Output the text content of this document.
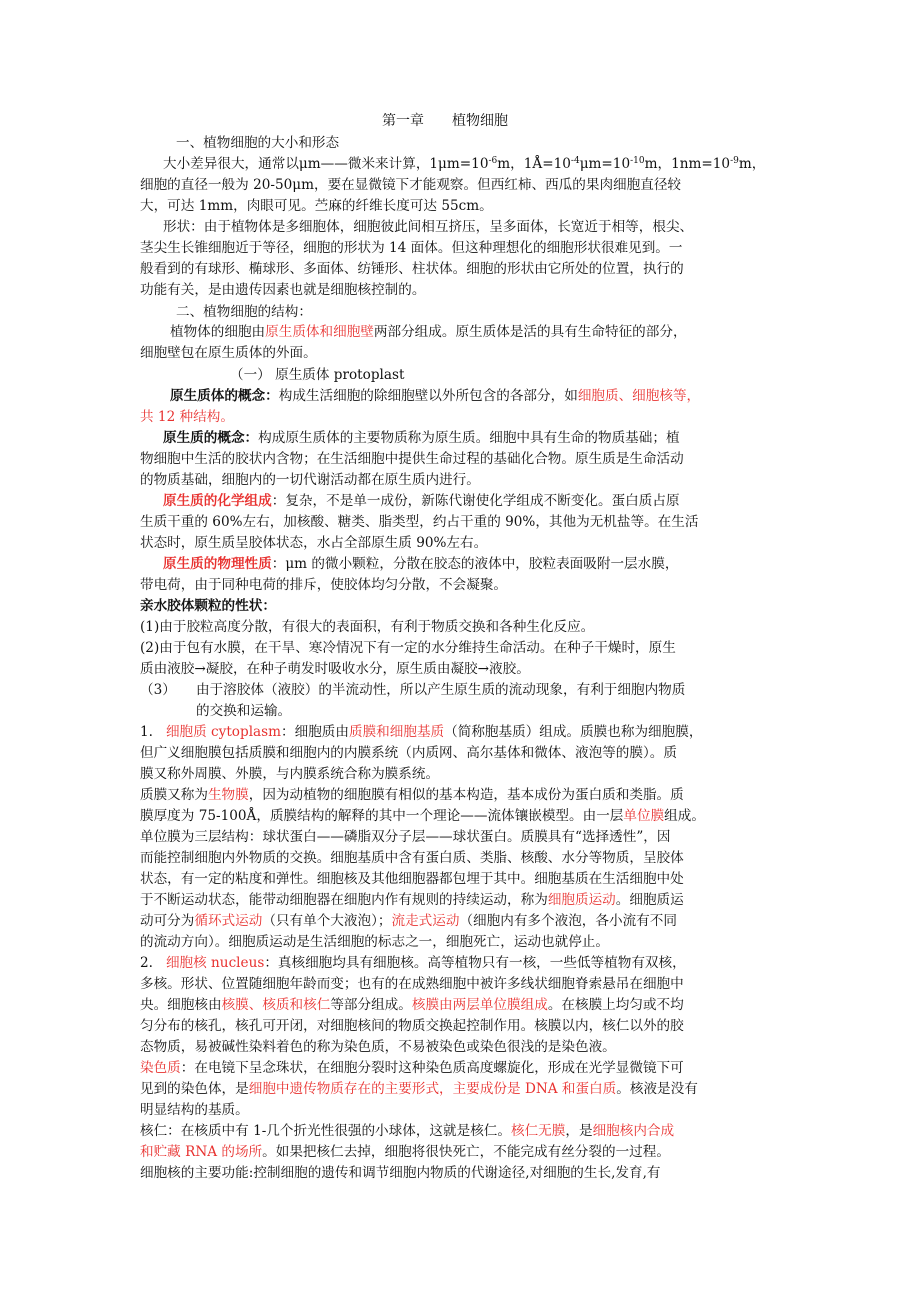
第一章　　植物细胞
一、植物细胞的大小和形态
大小差异很大，通常以μm——微米来计算，$1\mu m=10^{-6}m$，$1Å=10^{-4}\mu m=10^{-10}m$，$1nm=10^{-9}m$，
细胞的直径一般为 20-50μm，要在显微镜下才能观察。但西红柿、西瓜的果肉细胞直径较
大，可达 1mm，肉眼可见。苎麻的纤维长度可达 55cm。
形状：由于植物体是多细胞体，细胞彼此间相互挤压，呈多面体，长宽近于相等，根尖、
茎尖生长锥细胞近于等径，细胞的形状为 14 面体。但这种理想化的细胞形状很难见到。一
般看到的有球形、椭球形、多面体、纺锤形、柱状体。细胞的形状由它所处的位置，执行的
功能有关，是由遗传因素也就是细胞核控制的。
二、植物细胞的结构：
植物体的细胞由原生质体和细胞壁两部分组成。原生质体是活的具有生命特征的部分，
细胞壁包在原生质体的外面。
（一） 原生质体 protoplast
原生质体的概念：构成生活细胞的除细胞壁以外所包含的各部分，如细胞质、细胞核等，
共 12 种结构。
原生质的概念：构成原生质体的主要物质称为原生质。细胞中具有生命的物质基础；植
物细胞中生活的胶状内含物；在生活细胞中提供生命过程的基础化合物。原生质是生命活动
的物质基础，细胞内的一切代谢活动都在原生质内进行。
原生质的化学组成：复杂，不是单一成份，新陈代谢使化学组成不断变化。蛋白质占原
生质干重的 60%左右，加核酸、糖类、脂类型，约占干重的 90%，其他为无机盐等。在生活
状态时，原生质呈胶体状态，水占全部原生质 90%左右。
原生质的物理性质：μm 的微小颗粒，分散在胶态的液体中，胶粒表面吸附一层水膜，
带电荷，由于同种电荷的排斥，使胶体均匀分散，不会凝聚。
亲水胶体颗粒的性状：
(1)由于胶粒高度分散，有很大的表面积，有利于物质交换和各种生化反应。
(2)由于包有水膜，在干旱、寒冷情况下有一定的水分维持生命活动。在种子干燥时，原生
质由液胶→凝胶，在种子萌发时吸收水分，原生质由凝胶→液胶。
（3）	由于溶胶体（液胶）的半流动性，所以产生原生质的流动现象，有利于细胞内物质
的交换和运输。
1. 细胞质 cytoplasm：细胞质由质膜和细胞基质（简称胞基质）组成。质膜也称为细胞膜，
但广义细胞膜包括质膜和细胞内的内膜系统（内质网、高尔基体和微体、液泡等的膜）。质
膜又称外周膜、外膜，与内膜系统合称为膜系统。
质膜又称为生物膜，因为动植物的细胞膜有相似的基本构造，基本成份为蛋白质和类脂。质
膜厚度为 75-100Å，质膜结构的解释的其中一个理论——流体镶嵌模型。由一层单位膜组成。
单位膜为三层结构：球状蛋白——磷脂双分子层——球状蛋白。质膜具有“选择透性”，因
而能控制细胞内外物质的交换。细胞基质中含有蛋白质、类脂、核酸、水分等物质，呈胶体
状态，有一定的粘度和弹性。细胞核及其他细胞器都包埋于其中。细胞基质在生活细胞中处
于不断运动状态，能带动细胞器在细胞内作有规则的持续运动，称为细胞质运动。细胞质运
动可分为循环式运动（只有单个大液泡）；流走式运动（细胞内有多个液泡，各小流有不同
的流动方向）。细胞质运动是生活细胞的标志之一，细胞死亡，运动也就停止。
2. 细胞核 nucleus：真核细胞均具有细胞核。高等植物只有一核，一些低等植物有双核，
多核。形状、位置随细胞年龄而变；也有的在成熟细胞中被许多线状细胞脊索悬吊在细胞中
央。细胞核由核膜、核质和核仁等部分组成。核膜由两层单位膜组成。在核膜上均匀或不均
匀分布的核孔，核孔可开闭，对细胞核间的物质交换起控制作用。核膜以内，核仁以外的胶
态物质，易被碱性染料着色的称为染色质，不易被染色或染色很浅的是染色液。
染色质：在电镜下呈念珠状，在细胞分裂时这种染色质高度螺旋化，形成在光学显微镜下可
见到的染色体，是细胞中遗传物质存在的主要形式，主要成份是 DNA 和蛋白质。核液是没有
明显结构的基质。
核仁：在核质中有 1-几个折光性很强的小球体，这就是核仁。核仁无膜，是细胞核内合成
和贮藏 RNA 的场所。如果把核仁去掉，细胞将很快死亡，不能完成有丝分裂的一过程。
细胞核的主要功能:控制细胞的遗传和调节细胞内物质的代谢途径,对细胞的生长,发育,有
